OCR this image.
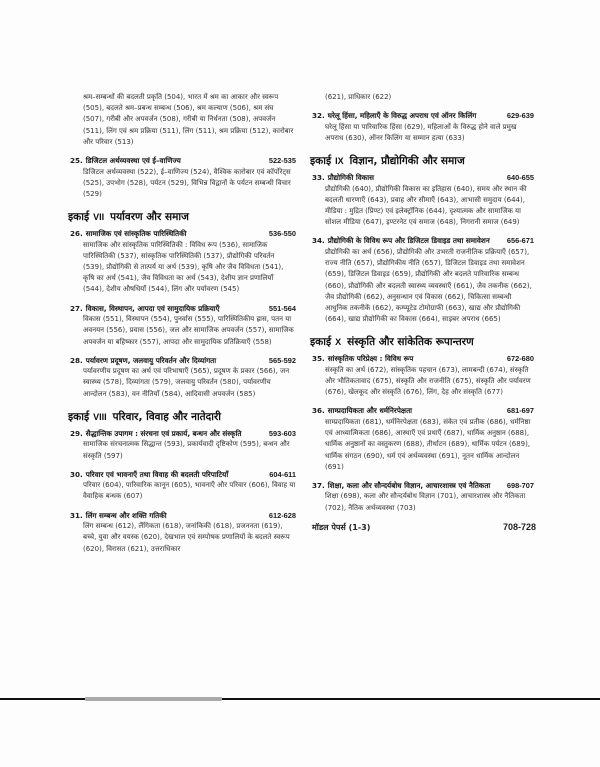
श्रम–सम्बन्धों की बदलती प्रकृति (504), भारत में श्रम का आकार और स्वरूप (505), बदलते श्रम–प्रबन्ध सम्बन्ध (506), श्रम कल्याण (506), श्रम संघ (507), गरीबी और अपवर्जन (508), गरीबी या निर्धनता (508), अपवर्जन (511), लिंग एवं श्रम प्रक्रिया (511), लिंग (511), श्रम प्रक्रिया (512), कारोबार और परिवार (513)
25. डिजिटल अर्थव्यवस्था एवं ई–वाणिज्य	522-535
डिजिटल अर्थव्यवस्था (522), ई–वाणिज्य (524), वैश्विक कारोबार एवं कॉर्पोरेट्स (525), उपभोग (528), पर्यटन (529), विभिन्न विद्वानों के पर्यटन सम्बन्धी विचार (529)
इकाई VII पर्यावरण और समाज
26. सामाजिक एवं सांस्कृतिक पारिस्थितिकी	536-550
सामाजिक और सांस्कृतिक पारिस्थितिकी : विविध रूप (536), सामाजिक पारिस्थितिकी (537), सांस्कृतिक पारिस्थितिकी (537), प्रौद्योगिकी परिवर्तन (539), प्रौद्योगिकी से तात्पर्य या अर्थ (539), कृषि और जैव विविधता (541), कृषि का अर्थ (541), जैव विविधता का अर्थ (543), देशीय ज्ञान प्रणालियाँ (544), देशीय औषधियाँ (544), लिंग और पर्यावरण (545)
27. विकास, विस्थापन, आपदा एवं सामुदायिक प्रक्रियाएँ	551-564
विकास (551), विस्थापन (554), पुनर्वास (555), पारिस्थितिकीय ह्रास, पतन या अवनयन (556), प्रवास (556), जल और सामाजिक अपवर्जन (557), सामाजिक अपवर्जन या बहिष्कार (557), आपदा और सामुदायिक प्रतिक्रियाएँ (558)
28. पर्यावरण प्रदूषण, जलवायु परिवर्तन और दिव्यांगता	565-592
पर्यावरणीय प्रदूषण का अर्थ एवं परिभाषाएँ (565), प्रदूषण के प्रकार (566), जन स्वास्थ्य (578), दिव्यांगता (579), जलवायु परिवर्तन (580), पर्यावरणीय आन्दोलन (583), वन नीतियाँ (584), आदिवासी अपवर्जन (585)
इकाई VIII परिवार, विवाह और नातेदारी
29. सैद्धान्तिक उपागम : संरचना एवं प्रकार्य, बन्धन और संस्कृति	593-603
सामाजिक संरचनात्मक सिद्धान्त (593), प्रकार्यवादी दृष्टिकोण (595), बन्धन और संस्कृति (597)
30. परिवार एवं भावनाएँ तथा विवाह की बदलती परिपाटियाँ	604-611
परिवार (604), पारिवारिक कानून (605), भावनाएँ और परिवार (606), विवाह या वैवाहिक बन्धक (607)
31. लिंग सम्बन्ध और शक्ति गतिकी	612-628
लिंग सम्बन्ध (612), लैंगिकता (618), जनांकिकी (618), प्रजननता (619), बच्चे, युवा और वयस्क (620), देखभाल एवं सम्पोषक प्रणालियों के बदलते स्वरूप (620), विरासत (621), उत्तराधिकार
(621), प्राधिकार (622)
32. घरेलू हिंसा, महिलाएँ के विरुद्ध अपराध एवं ऑनर किलिंग	629-639
घरेलू हिंसा या पारिवारिक हिंसा (629), महिलाओं के विरुद्ध होने वाले प्रमुख अपराध (630), ऑनर किलिंग या सम्मान हत्या (633)
इकाई IX विज्ञान, प्रौद्योगिकी और समाज
33. प्रौद्योगिकी विकास	640-655
प्रौद्योगिकी (640), प्रौद्योगिकी विकास का इतिहास (640), समय और स्थान की बदलती धारणाएँ (643), प्रवाह और सीमाएँ (643), आभासी समुदाय (644), मीडिया : मुद्रित (प्रिण्ट) एवं इलेक्ट्रॉनिक (644), दृश्यात्मक और सामाजिक या सोशल मीडिया (647), इण्टरनेट एवं समाज (648), निगरानी समाज (649)
34. प्रौद्योगिकी के विविध रूप और डिजिटल डिवाइड तथा समावेशन	656-671
प्रौद्योगिकी का अर्थ (656), प्रौद्योगिकी और उभरती राजनीतिक प्रक्रियाएँ (657), राज्य नीति (657), प्रौद्योगिकीय नीति (657), डिजिटल डिवाइड तथा समावेशन (659), डिजिटल डिवाइड (659), प्रौद्योगिकी और बदलते पारिवारिक सम्बन्ध (660), प्रौद्योगिकी और बदलती स्वास्थ्य व्यवस्थाएँ (661), जैव तकनीक (662), जैव प्रौद्योगिकी (662), अनुसन्धान एवं विकास (662), चिकित्सा सम्बन्धी आधुनिक तकनीकें (662), कम्प्यूटेड टोमोग्राफी (663), खाद्य और प्रौद्योगिकी (664), खाद्य प्रौद्योगिकी का विकास (664), साइबर अपराध (665)
इकाई X संस्कृति और सांकेतिक रूपान्तरण
35. सांस्कृतिक परिप्रेक्ष्य : विविध रूप	672-680
संस्कृति का अर्थ (672), सांस्कृतिक पहचान (673), लामबन्दी (674), संस्कृति और भौतिकतावाद (675), संस्कृति और राजनीति (675), संस्कृति और पर्यावरण (676), खेलकूद और संस्कृति (676), लिंग, देह और संस्कृति (677)
36. साम्प्रदायिकता और धर्मनिरपेक्षता	681-697
साम्प्रदायिकता (681), धर्मनिरपेक्षता (683), संकेत एवं प्रतीक (686), धर्मनिष्ठा एवं आध्यात्मिकता (686), आस्थाएँ एवं प्रथाएँ (687), धार्मिक अनुष्ठान (688), धार्मिक अनुष्ठानों का वस्तुकरण (688), तीर्थाटन (689), धार्मिक पर्यटन (689), धार्मिक संगठन (690), धर्म एवं अर्थव्यवस्था (691), नूतन धार्मिक आन्दोलन (691)
37. शिक्षा, कला और सौन्दर्यबोध विज्ञान, आचारशास्त्र एवं नैतिकता	698-707
शिक्षा (698), कला और सौन्दर्यबोध विज्ञान (701), आचारशास्त्र और नैतिकता (702), नैतिक अर्थव्यवस्था (703)
मॉडल पेपर्स (1-3)	708-728
